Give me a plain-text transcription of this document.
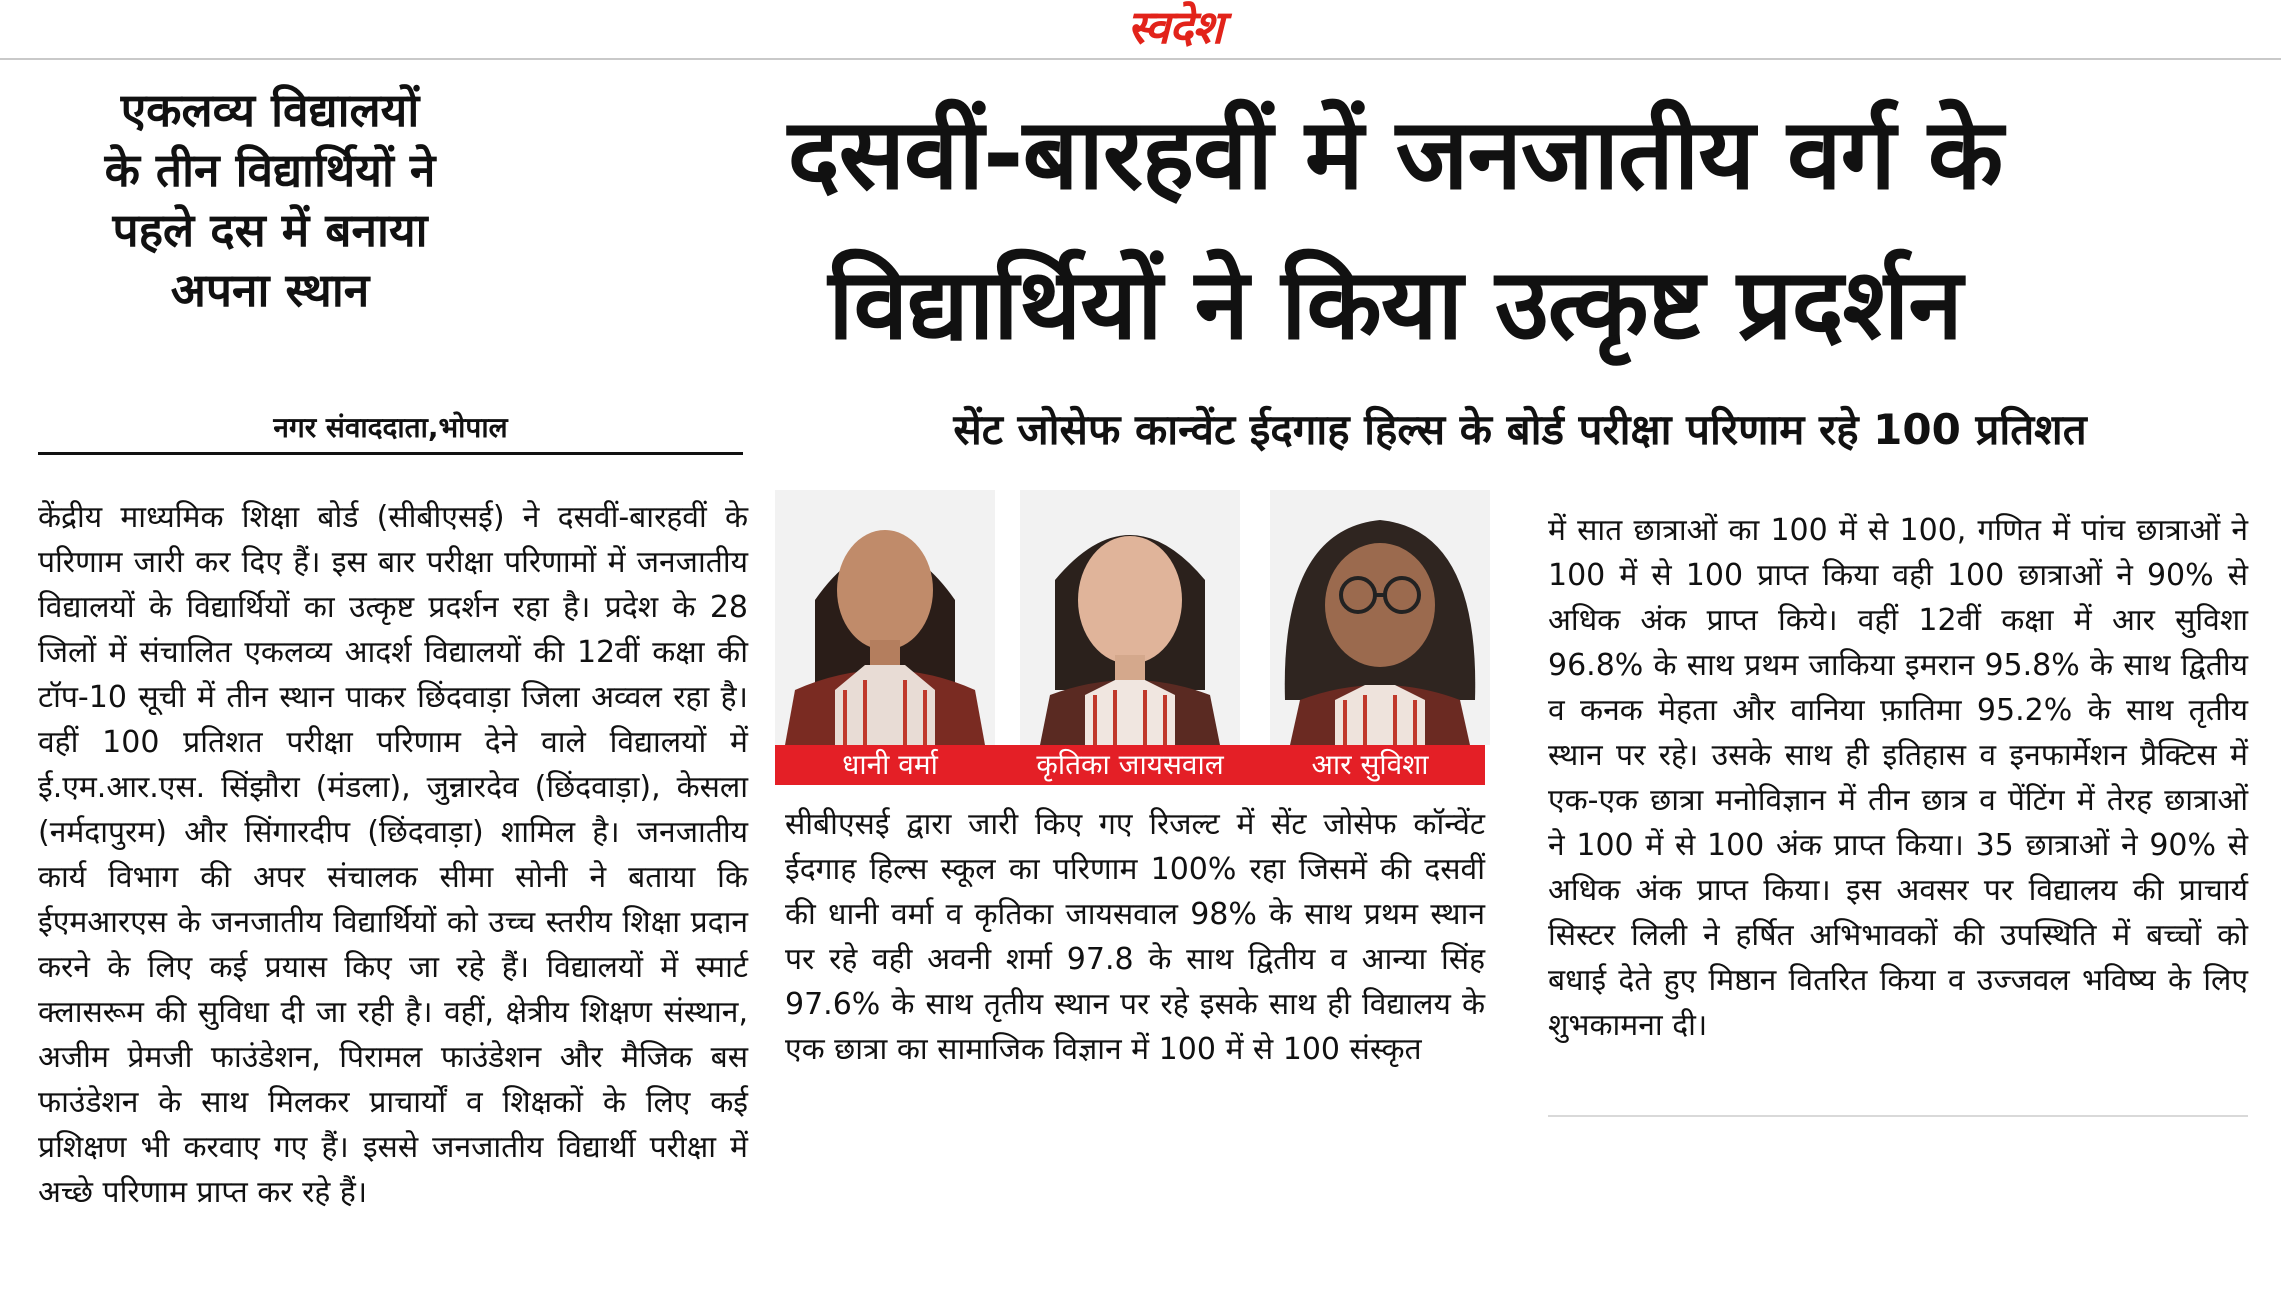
स्वदेश
एकलव्य विद्यालयों
के तीन विद्यार्थियों ने
पहले दस में बनाया
अपना स्थान
दसवीं-बारहवीं में जनजातीय वर्ग के
विद्यार्थियों ने किया उत्कृष्ट प्रदर्शन
नगर संवाददाता,भोपाल	सेंट जोसेफ कान्वेंट ईदगाह हिल्स के बोर्ड परीक्षा परिणाम रहे 100 प्रतिशत
केंद्रीय माध्यमिक शिक्षा बोर्ड (सीबीएसई) ने दसवीं-बारहवीं के परिणाम जारी कर दिए हैं। इस बार परीक्षा परिणामों में जनजातीय विद्यालयों के विद्यार्थियों का उत्कृष्ट प्रदर्शन रहा है। प्रदेश के 28 जिलों में संचालित एकलव्य आदर्श विद्यालयों की 12वीं कक्षा की टॉप-10 सूची में तीन स्थान पाकर छिंदवाड़ा जिला अव्वल रहा है। वहीं 100 प्रतिशत परीक्षा परिणाम देने वाले विद्यालयों में ई.एम.आर.एस. सिंझौरा (मंडला), जुन्नारदेव (छिंदवाड़ा), केसला (नर्मदापुरम) और सिंगारदीप (छिंदवाड़ा) शामिल है। जनजातीय कार्य विभाग की अपर संचालक सीमा सोनी ने बताया कि ईएमआरएस के जनजातीय विद्यार्थियों को उच्च स्तरीय शिक्षा प्रदान करने के लिए कई प्रयास किए जा रहे हैं। विद्यालयों में स्मार्ट क्लासरूम की सुविधा दी जा रही है। वहीं, क्षेत्रीय शिक्षण संस्थान, अजीम प्रेमजी फाउंडेशन, पिरामल फाउंडेशन और मैजिक बस फाउंडेशन के साथ मिलकर प्राचार्यों व शिक्षकों के लिए कई प्रशिक्षण भी करवाए गए हैं। इससे जनजातीय विद्यार्थी परीक्षा में अच्छे परिणाम प्राप्त कर रहे हैं।
धानी वर्मा	कृतिका जायसवाल	आर सुविशा
सीबीएसई द्वारा जारी किए गए रिजल्ट में सेंट जोसेफ कॉन्वेंट ईदगाह हिल्स स्कूल का परिणाम 100% रहा जिसमें की दसवीं की धानी वर्मा व कृतिका जायसवाल 98% के साथ प्रथम स्थान पर रहे वही अवनी शर्मा 97.8 के साथ द्वितीय व आन्या सिंह 97.6% के साथ तृतीय स्थान पर रहे इसके साथ ही विद्यालय के एक छात्रा का सामाजिक विज्ञान में 100 में से 100 संस्कृत
में सात छात्राओं का 100 में से 100, गणित में पांच छात्राओं ने 100 में से 100 प्राप्त किया वही 100 छात्राओं ने 90% से अधिक अंक प्राप्त किये। वहीं 12वीं कक्षा में आर सुविशा 96.8% के साथ प्रथम जाकिया इमरान 95.8% के साथ द्वितीय व कनक मेहता और वानिया फ़ातिमा 95.2% के साथ तृतीय स्थान पर रहे। उसके साथ ही इतिहास व इनफार्मेशन प्रैक्टिस में एक-एक छात्रा मनोविज्ञान में तीन छात्र व पेंटिंग में तेरह छात्राओं ने 100 में से 100 अंक प्राप्त किया। 35 छात्राओं ने 90% से अधिक अंक प्राप्त किया। इस अवसर पर विद्यालय की प्राचार्य सिस्टर लिली ने हर्षित अभिभावकों की उपस्थिति में बच्चों को बधाई देते हुए मिष्ठान वितरित किया व उज्जवल भविष्य के लिए शुभकामना दी।
